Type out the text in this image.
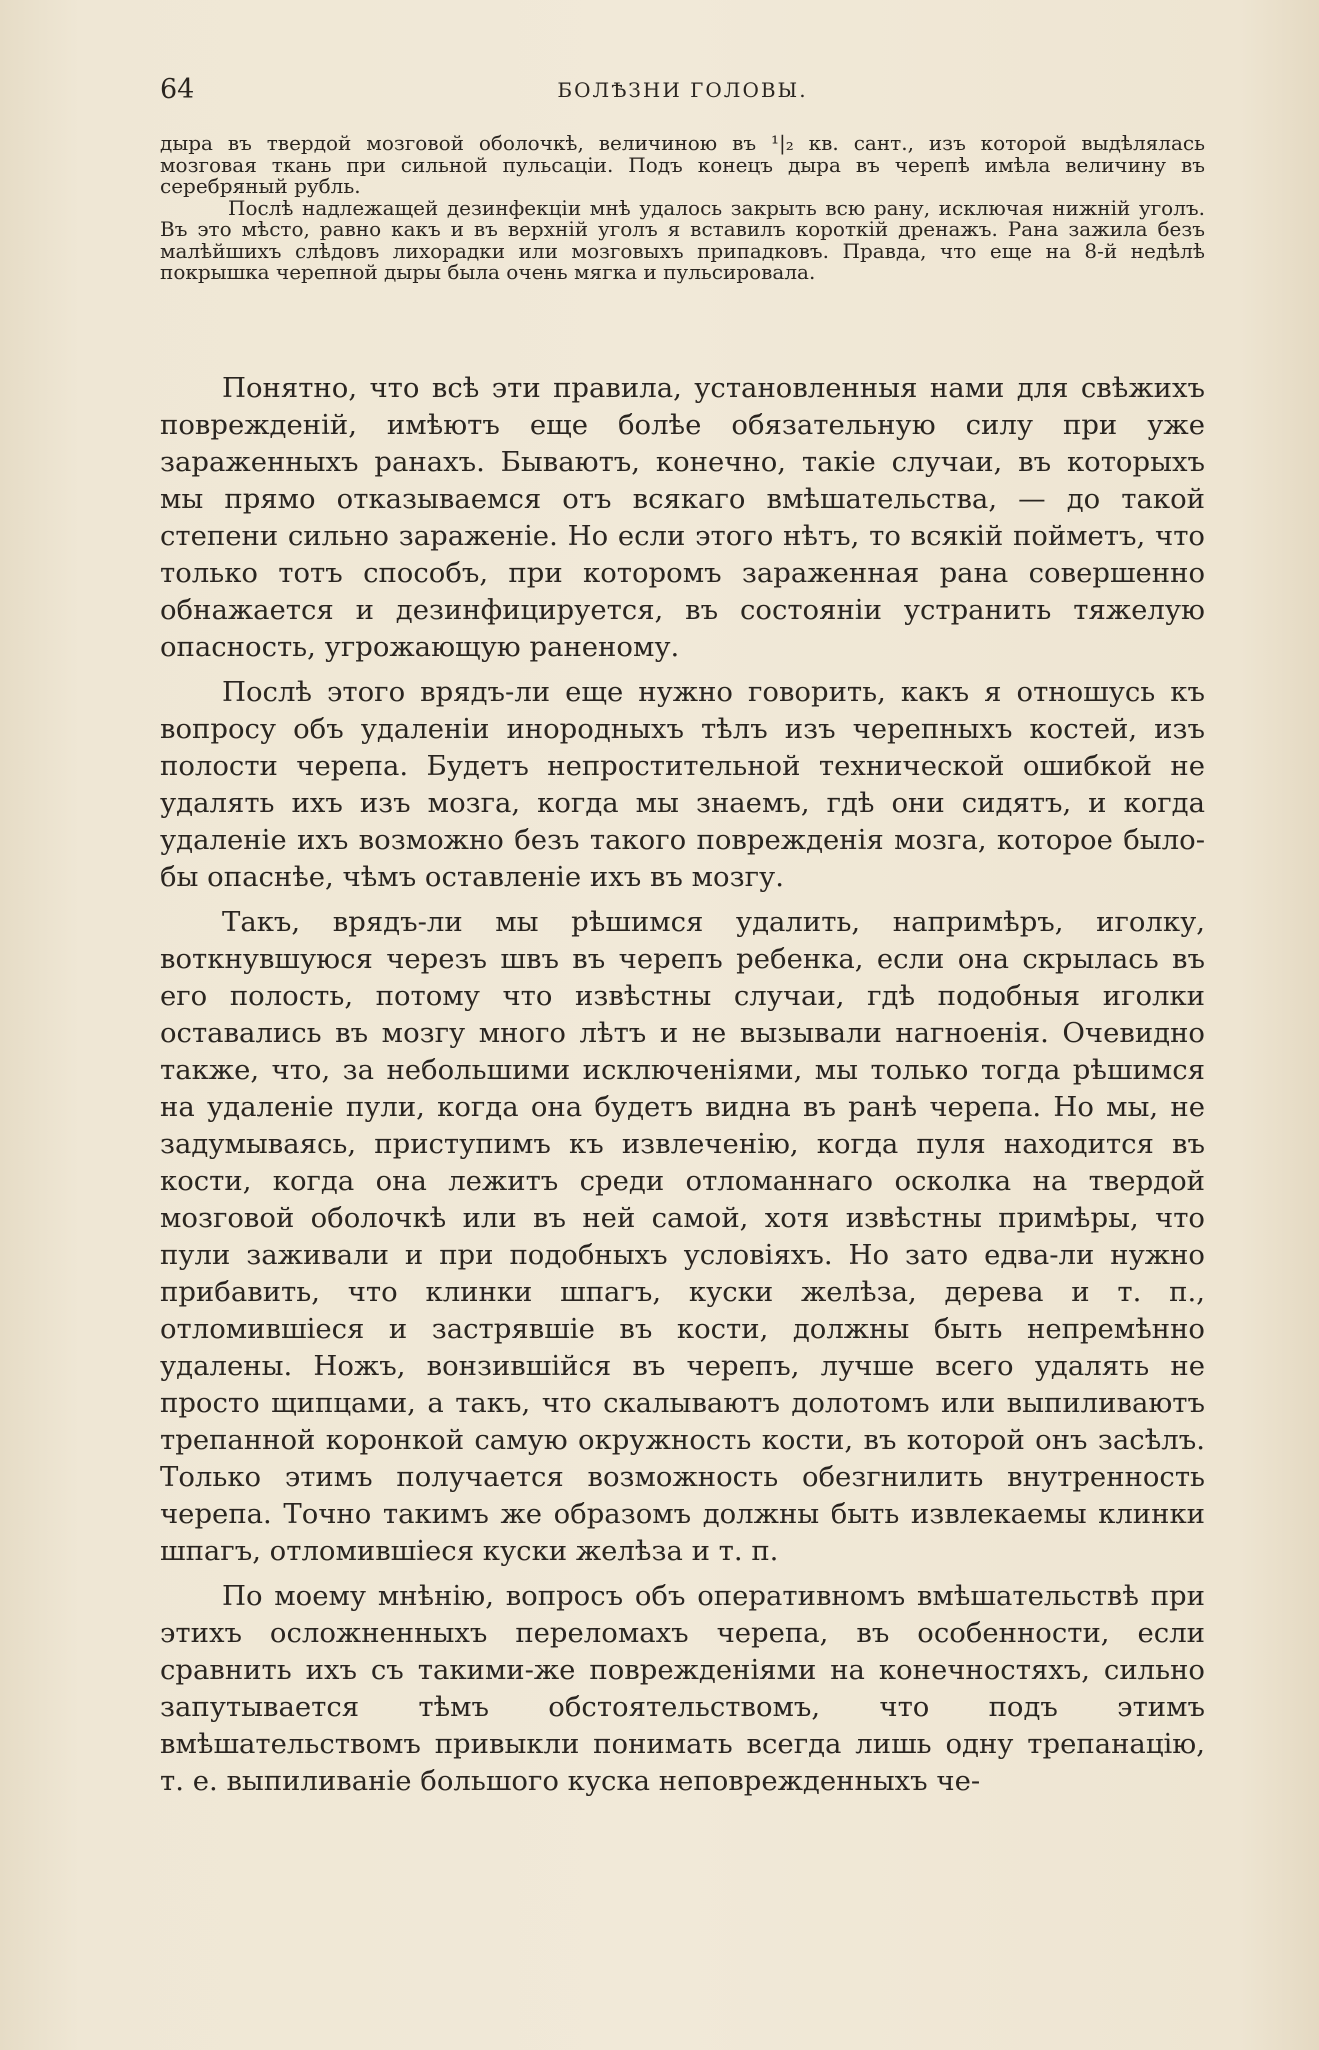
64	БОЛѢЗНИ ГОЛОВЫ.

дыра въ твердой мозговой оболочкѣ, величиною въ ¹|₂ кв. сант., изъ которой выдѣлялась мозговая ткань при сильной пульсаціи. Подъ конецъ дыра въ черепѣ имѣла величину въ серебряный рубль.

Послѣ надлежащей дезинфекціи мнѣ удалось закрыть всю рану, исключая нижній уголъ. Въ это мѣсто, равно какъ и въ верхній уголъ я вставилъ короткій дренажъ. Рана зажила безъ малѣйшихъ слѣдовъ лихорадки или мозговыхъ припадковъ. Правда, что еще на 8-й недѣлѣ покрышка черепной дыры была очень мягка и пульсировала.

Понятно, что всѣ эти правила, установленныя нами для свѣжихъ поврежденій, имѣютъ еще болѣе обязательную силу при уже зараженныхъ ранахъ. Бываютъ, конечно, такіе случаи, въ которыхъ мы прямо отказываемся отъ всякаго вмѣшательства, — до такой степени сильно зараженіе. Но если этого нѣтъ, то всякій пойметъ, что только тотъ способъ, при которомъ зараженная рана совершенно обнажается и дезинфицируется, въ состояніи устранить тяжелую опасность, угрожающую раненому.

Послѣ этого врядъ-ли еще нужно говорить, какъ я отношусь къ вопросу объ удаленіи инородныхъ тѣлъ изъ черепныхъ костей, изъ полости черепа. Будетъ непростительной технической ошибкой не удалять ихъ изъ мозга, когда мы знаемъ, гдѣ они сидятъ, и когда удаленіе ихъ возможно безъ такого поврежденія мозга, которое было-бы опаснѣе, чѣмъ оставленіе ихъ въ мозгу.

Такъ, врядъ-ли мы рѣшимся удалить, напримѣръ, иголку, воткнувшуюся черезъ швъ въ черепъ ребенка, если она скрылась въ его полость, потому что извѣстны случаи, гдѣ подобныя иголки оставались въ мозгу много лѣтъ и не вызывали нагноенія. Очевидно также, что, за небольшими исключеніями, мы только тогда рѣшимся на удаленіе пули, когда она будетъ видна въ ранѣ черепа. Но мы, не задумываясь, приступимъ къ извлеченію, когда пуля находится въ кости, когда она лежитъ среди отломаннаго осколка на твердой мозговой оболочкѣ или въ ней самой, хотя извѣстны примѣры, что пули заживали и при подобныхъ условіяхъ. Но зато едва-ли нужно прибавить, что клинки шпагъ, куски желѣза, дерева и т. п., отломившіеся и застрявшіе въ кости, должны быть непремѣнно удалены. Ножъ, вонзившійся въ черепъ, лучше всего удалять не просто щипцами, а такъ, что скалываютъ долотомъ или выпиливаютъ трепанной коронкой самую окружность кости, въ которой онъ засѣлъ. Только этимъ получается возможность обезгнилить внутренность черепа. Точно такимъ же образомъ должны быть извлекаемы клинки шпагъ, отломившіеся куски желѣза и т. п.

По моему мнѣнію, вопросъ объ оперативномъ вмѣшательствѣ при этихъ осложненныхъ переломахъ черепа, въ особенности, если сравнить ихъ съ такими-же поврежденіями на конечностяхъ, сильно запутывается тѣмъ обстоятельствомъ, что подъ этимъ вмѣшательствомъ привыкли понимать всегда лишь одну трепанацію, т. е. выпиливаніе большого куска неповрежденныхъ че-
